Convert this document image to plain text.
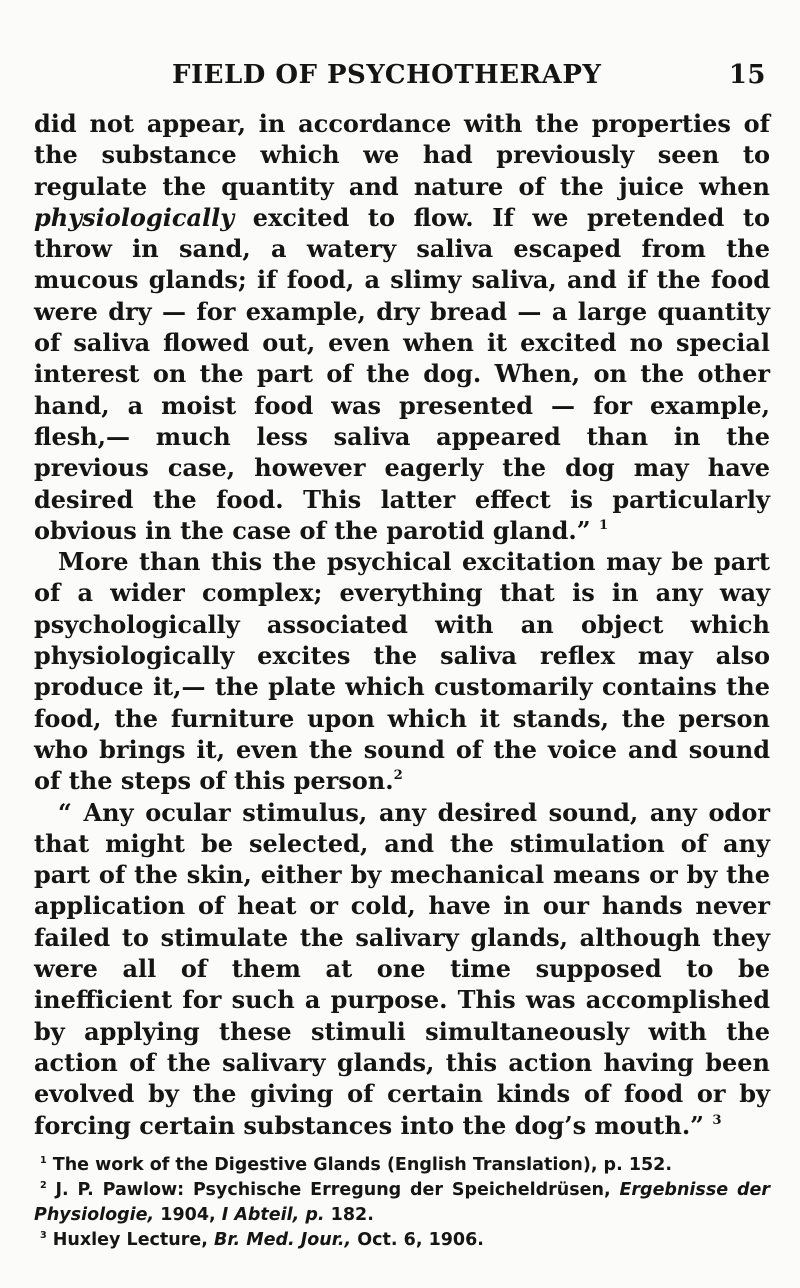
FIELD OF PSYCHOTHERAPY	15

did not appear, in accordance with the properties of the substance which we had previously seen to regulate the quantity and nature of the juice when physiologically excited to flow. If we pretended to throw in sand, a watery saliva escaped from the mucous glands; if food, a slimy saliva, and if the food were dry — for example, dry bread — a large quantity of saliva flowed out, even when it excited no special interest on the part of the dog. When, on the other hand, a moist food was presented — for example, flesh,— much less saliva appeared than in the previous case, however eagerly the dog may have desired the food. This latter effect is particularly obvious in the case of the parotid gland.” $^1$

More than this the psychical excitation may be part of a wider complex; everything that is in any way psychologically associated with an object which physiologically excites the saliva reflex may also produce it,— the plate which customarily contains the food, the furniture upon which it stands, the person who brings it, even the sound of the voice and sound of the steps of this person.$^2$

“ Any ocular stimulus, any desired sound, any odor that might be selected, and the stimulation of any part of the skin, either by mechanical means or by the application of heat or cold, have in our hands never failed to stimulate the salivary glands, although they were all of them at one time supposed to be inefficient for such a purpose. This was accomplished by applying these stimuli simultaneously with the action of the salivary glands, this action having been evolved by the giving of certain kinds of food or by forcing certain substances into the dog’s mouth.” $^3$

$^1$ The work of the Digestive Glands (English Translation), p. 152.

$^2$ J. P. Pawlow: Psychische Erregung der Speicheldrüsen, Ergebnisse der Physiologie, 1904, I Abteil, p. 182.

$^3$ Huxley Lecture, Br. Med. Jour., Oct. 6, 1906.
